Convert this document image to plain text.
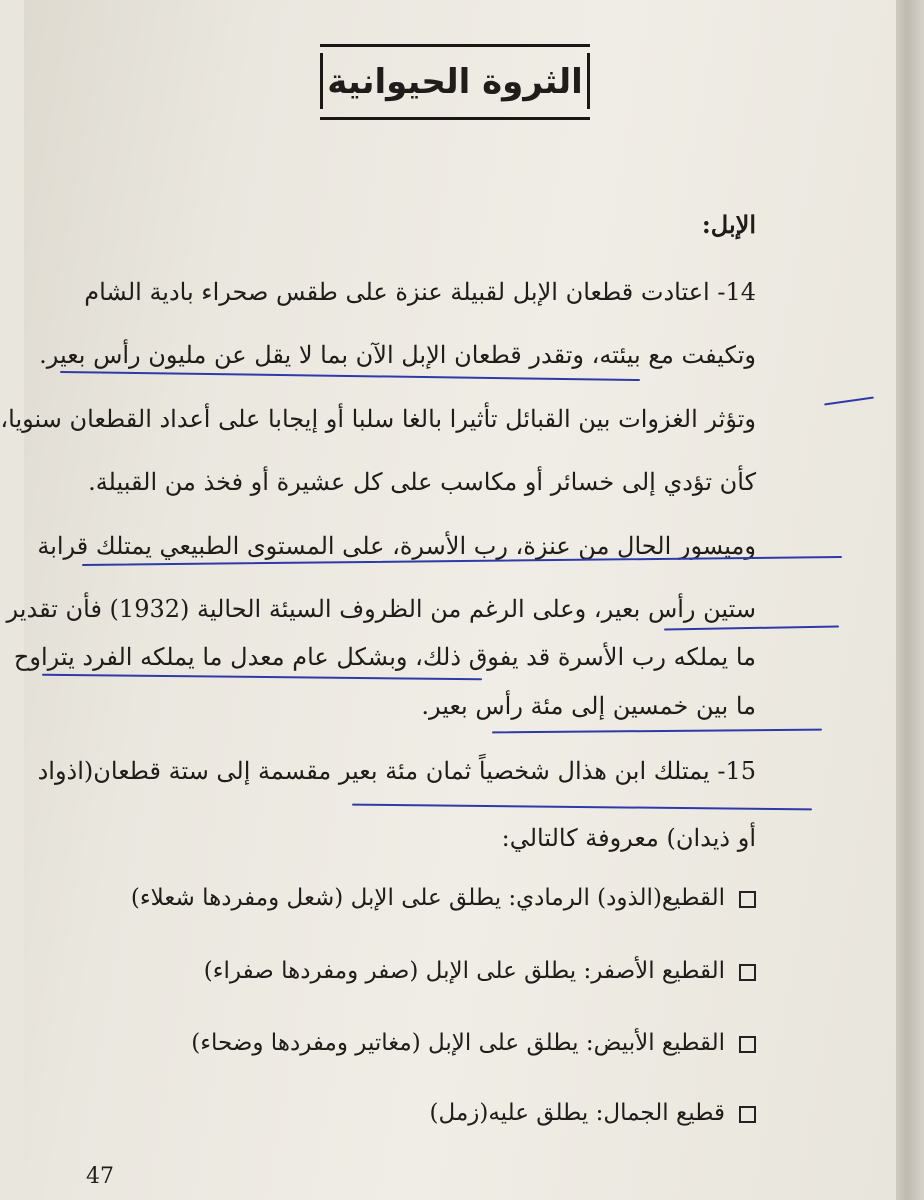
الثروة الحيوانية

الإبل:

14- اعتادت قطعان الإبل لقبيلة عنزة على طقس صحراء بادية الشام

وتكيفت مع بيئته، وتقدر قطعان الإبل الآن بما لا يقل عن مليون رأس بعير.

وتؤثر الغزوات بين القبائل تأثيرا بالغا سلبا أو إيجابا على أعداد القطعان سنويا،

كأن تؤدي إلى خسائر أو مكاسب على كل عشيرة أو فخذ من القبيلة.

وميسور الحال من عنزة، رب الأسرة، على المستوى الطبيعي يمتلك قرابة

ستين رأس بعير، وعلى الرغم من الظروف السيئة الحالية (1932) فأن تقدير

ما يملكه رب الأسرة قد يفوق ذلك، وبشكل عام معدل ما يملكه الفرد يتراوح

ما بين خمسين إلى مئة رأس بعير.

15- يمتلك ابن هذال شخصياً ثمان مئة بعير مقسمة إلى ستة قطعان(اذواد

أو ذيدان) معروفة كالتالي:

القطيع(الذود) الرمادي: يطلق على الإبل (شعل ومفردها شعلاء)
القطيع الأصفر: يطلق على الإبل (صفر ومفردها صفراء)
القطيع الأبيض: يطلق على الإبل (مغاتير ومفردها وضحاء)
قطيع الجمال: يطلق عليه(زمل)
47
